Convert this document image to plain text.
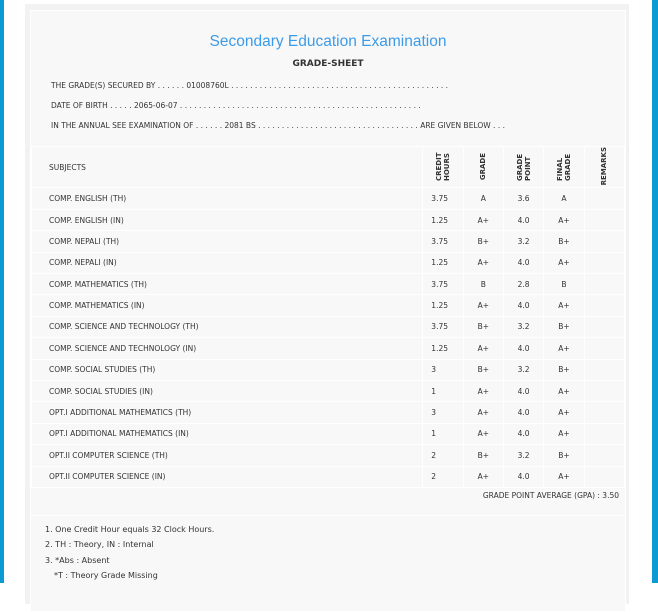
Secondary Education Examination
GRADE-SHEET
THE GRADE(S) SECURED BY . . . . . . 01008760L . . . . . . . . . . . . . . . . . . . . . . . . . . . . . . . . . . . . . . . . . . . . . .
DATE OF BIRTH . . . . . 2065-06-07 . . . . . . . . . . . . . . . . . . . . . . . . . . . . . . . . . . . . . . . . . . . . . . . . . . .
IN THE ANNUAL SEE EXAMINATION OF . . . . . . 2081 BS . . . . . . . . . . . . . . . . . . . . . . . . . . . . . . . . . . ARE GIVEN BELOW . . .
SUBJECTS	CREDIT HOURS	GRADE	GRADE POINT	FINAL GRADE	REMARKS
COMP. ENGLISH (TH)	3.75	A	3.6	A	
COMP. ENGLISH (IN)	1.25	A+	4.0	A+	
COMP. NEPALI (TH)	3.75	B+	3.2	B+	
COMP. NEPALI (IN)	1.25	A+	4.0	A+	
COMP. MATHEMATICS (TH)	3.75	B	2.8	B	
COMP. MATHEMATICS (IN)	1.25	A+	4.0	A+	
COMP. SCIENCE AND TECHNOLOGY (TH)	3.75	B+	3.2	B+	
COMP. SCIENCE AND TECHNOLOGY (IN)	1.25	A+	4.0	A+	
COMP. SOCIAL STUDIES (TH)	3	B+	3.2	B+	
COMP. SOCIAL STUDIES (IN)	1	A+	4.0	A+	
OPT.I ADDITIONAL MATHEMATICS (TH)	3	A+	4.0	A+	
OPT.I ADDITIONAL MATHEMATICS (IN)	1	A+	4.0	A+	
OPT.II COMPUTER SCIENCE (TH)	2	B+	3.2	B+	
OPT.II COMPUTER SCIENCE (IN)	2	A+	4.0	A+	
GRADE POINT AVERAGE (GPA) : 3.50
1. One Credit Hour equals 32 Clock Hours.
2. TH : Theory, IN : Internal
3. *Abs : Absent
*T : Theory Grade Missing
